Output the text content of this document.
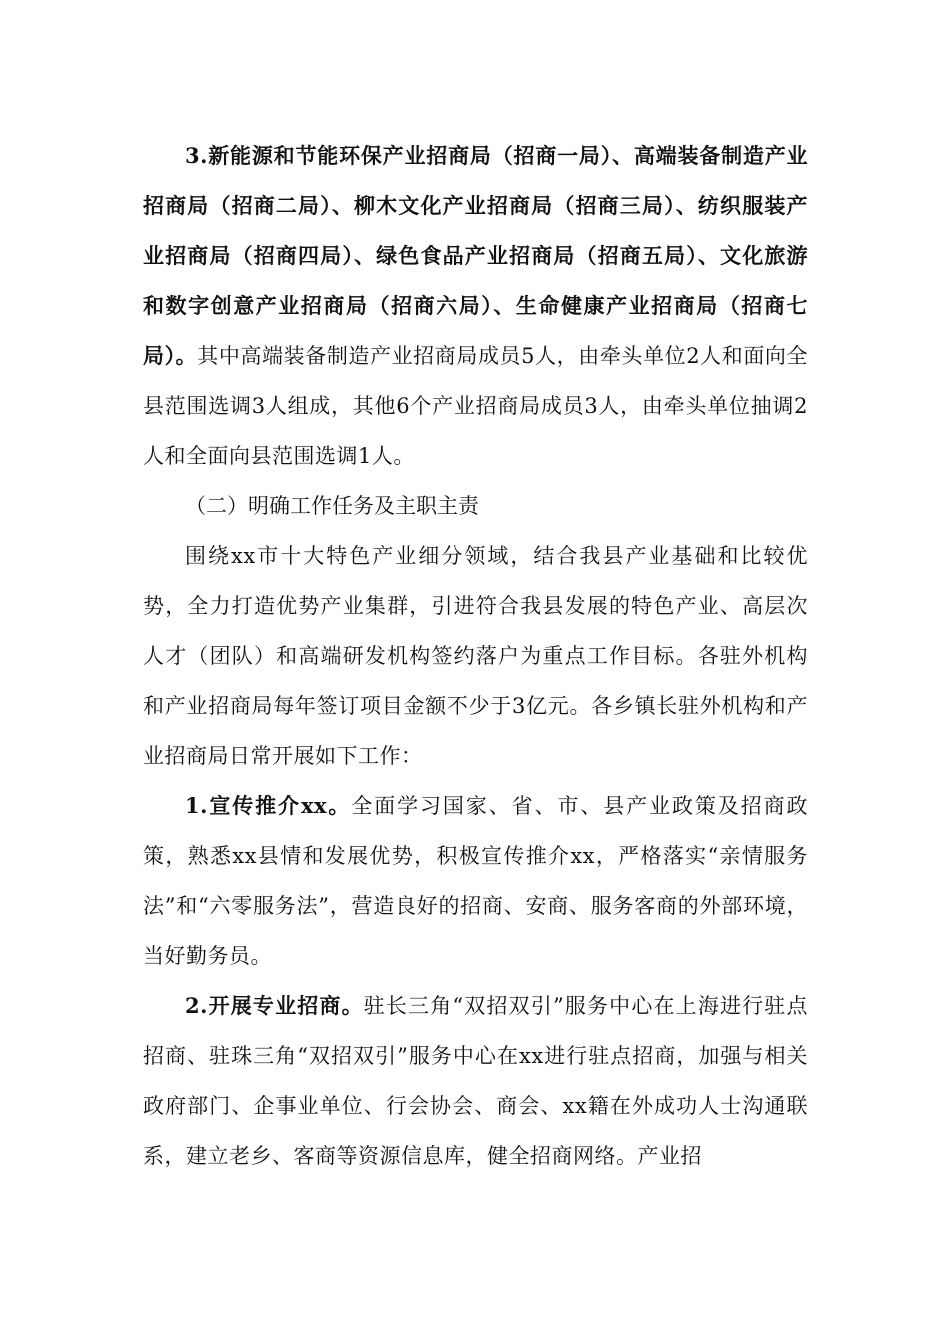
3.新能源和节能环保产业招商局（招商一局）、高端装备制造产业招商局（招商二局）、柳木文化产业招商局（招商三局）、纺织服装产业招商局（招商四局）、绿色食品产业招商局（招商五局）、文化旅游和数字创意产业招商局（招商六局）、生命健康产业招商局（招商七局）。其中高端装备制造产业招商局成员5人，由牵头单位2人和面向全县范围选调3人组成，其他6个产业招商局成员3人，由牵头单位抽调2人和全面向县范围选调1人。

（二）明确工作任务及主职主责

围绕xx市十大特色产业细分领域，结合我县产业基础和比较优势，全力打造优势产业集群，引进符合我县发展的特色产业、高层次人才（团队）和高端研发机构签约落户为重点工作目标。各驻外机构和产业招商局每年签订项目金额不少于3亿元。各乡镇长驻外机构和产业招商局日常开展如下工作：

1.宣传推介xx。全面学习国家、省、市、县产业政策及招商政策，熟悉xx县情和发展优势，积极宣传推介xx，严格落实“亲情服务法”和“六零服务法”，营造良好的招商、安商、服务客商的外部环境，当好勤务员。

2.开展专业招商。驻长三角“双招双引”服务中心在上海进行驻点招商、驻珠三角“双招双引”服务中心在xx进行驻点招商，加强与相关政府部门、企事业单位、行会协会、商会、xx籍在外成功人士沟通联系，建立老乡、客商等资源信息库，健全招商网络。产业招
